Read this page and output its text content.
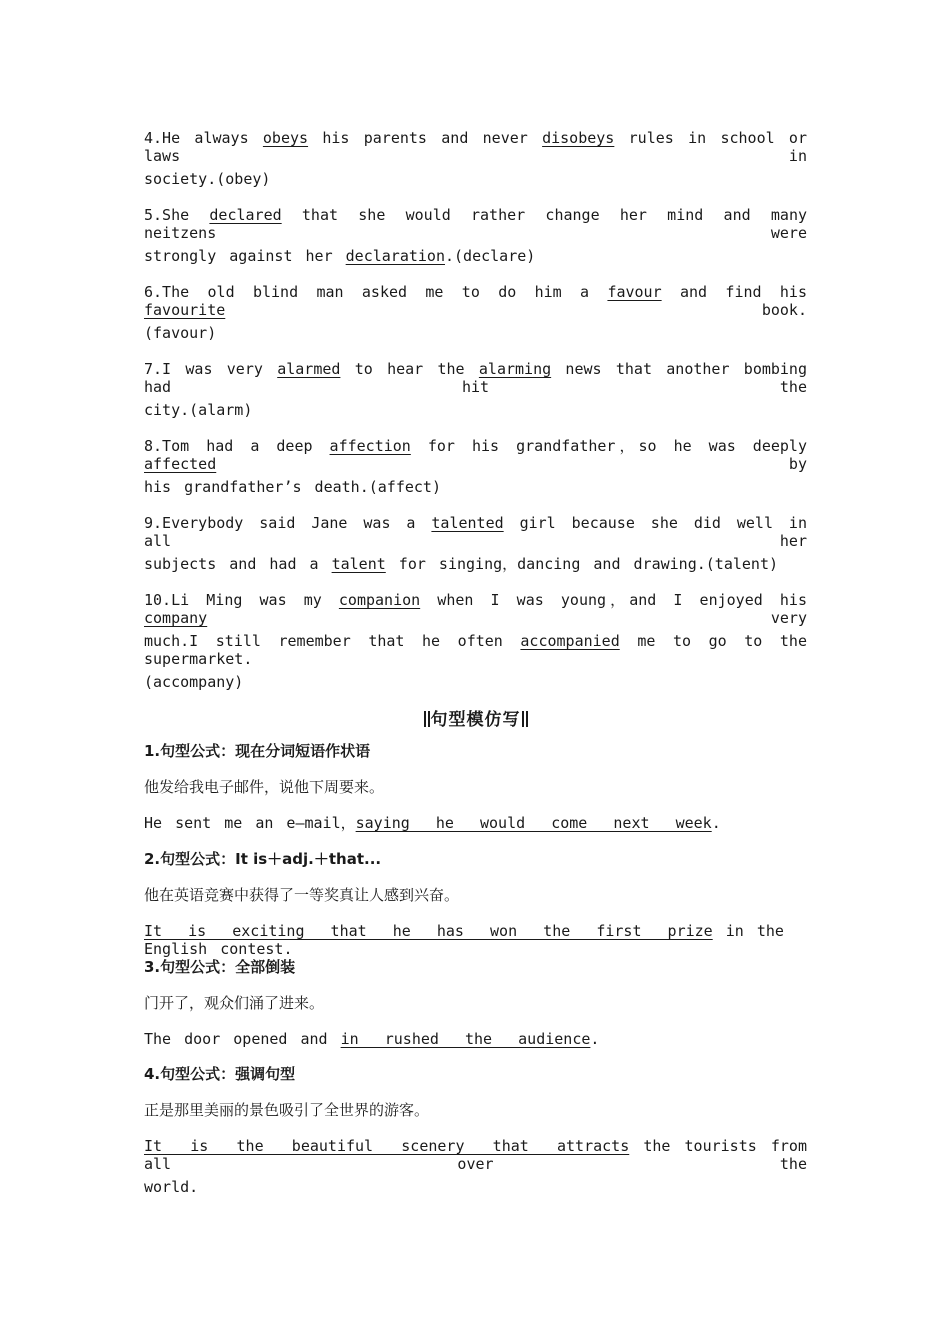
4.He always obeys his parents and never disobeys rules in school or laws in
society.(obey)
5.She declared that she would rather change her mind and many neitzens were
strongly against her declaration.(declare)
6.The old blind man asked me to do him a favour and find his favourite book.
(favour)
7.I was very alarmed to hear the alarming news that another bombing had hit the
city.(alarm)
8.Tom had a deep affection for his grandfather，so he was deeply affected by
his grandfather’s death.(affect)
9.Everybody said Jane was a talented girl because she did well in all her
subjects and had a talent for singing，dancing and drawing.(talent)
10.Li Ming was my companion when I was young，and I enjoyed his company very
much.I still remember that he often accompanied me to go to the supermarket.
(accompany)
句型模仿写
1.句型公式：现在分词短语作状语
他发给我电子邮件，说他下周要来。
He sent me an e—mail，saying  he  would  come  next  week.
2.句型公式：It is＋adj.＋that...
他在英语竞赛中获得了一等奖真让人感到兴奋。
It  is  exciting  that  he  has  won  the  first  prize in the English contest.
3.句型公式：全部倒装
门开了，观众们涌了进来。
The door opened and in  rushed  the  audience.
4.句型公式：强调句型
正是那里美丽的景色吸引了全世界的游客。
It  is  the  beautiful  scenery  that  attracts the tourists from all over the
world.
